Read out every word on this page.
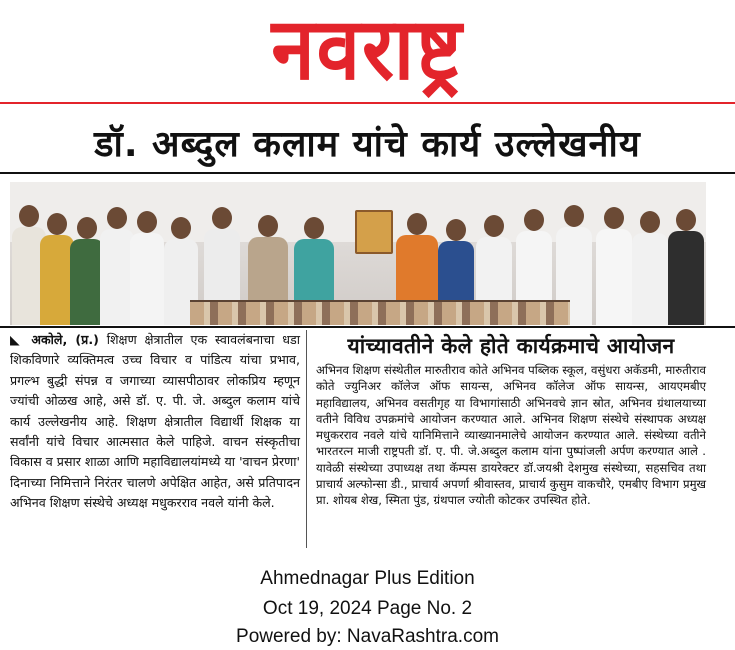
नवराष्ट्र
डॉ. अब्दुल कलाम यांचे कार्य उल्लेखनीय
◣ अकोले, (प्र.) शिक्षण क्षेत्रातील एक स्वावलंबनाचा धडा शिकविणारे व्यक्तिमत्व उच्च विचार व पांडित्य यांचा प्रभाव, प्रगल्भ बुद्धी संपन्न व जगाच्या व्यासपीठावर लोकप्रिय म्हणून ज्यांची ओळख आहे, असे डॉ. ए. पी. जे. अब्दुल कलाम यांचे कार्य उल्लेखनीय आहे. शिक्षण क्षेत्रातील विद्यार्थी शिक्षक या सर्वांनी यांचे विचार आत्मसात केले पाहिजे. वाचन संस्कृतीचा विकास व प्रसार शाळा आणि महाविद्यालयांमध्ये या 'वाचन प्रेरणा' दिनाच्या निमित्ताने निरंतर चालणे अपेक्षित आहेत, असे प्रतिपादन अभिनव शिक्षण संस्थेचे अध्यक्ष मधुकरराव नवले यांनी केले.
यांच्यावतीने केले होते कार्यक्रमाचे आयोजन
अभिनव शिक्षण संस्थेतील मारुतीराव कोते अभिनव पब्लिक स्कूल, वसुंधरा अकॅडमी, मारुतीराव कोते ज्युनिअर कॉलेज ऑफ सायन्स, अभिनव कॉलेज ऑफ सायन्स, आयएमबीए महाविद्यालय, अभिनव वसतीगृह या विभागांसाठी अभिनवचे ज्ञान स्रोत, अभिनव ग्रंथालयाच्या वतीने विविध उपक्रमांचे आयोजन करण्यात आले. अभिनव शिक्षण संस्थेचे संस्थापक अध्यक्ष मधुकरराव नवले यांचे यानिमित्ताने व्याख्यानमालेचे आयोजन करण्यात आले. संस्थेच्या वतीने भारतरत्न माजी राष्ट्रपती डॉ. ए. पी. जे.अब्दुल कलाम यांना पुष्पांजली अर्पण करण्यात आले . यावेळी संस्थेच्या उपाध्यक्ष तथा कॅम्पस डायरेक्टर डॉ.जयश्री देशमुख संस्थेच्या, सहसचिव तथा प्राचार्य अल्फोन्सा डी., प्राचार्य अपर्णा श्रीवास्तव, प्राचार्य कुसुम वाकचौरे, एमबीए विभाग प्रमुख प्रा. शोयब शेख, स्मिता पुंड, ग्रंथपाल ज्योती कोटकर उपस्थित होते.
Ahmednagar Plus Edition
Oct 19, 2024 Page No. 2
Powered by: NavaRashtra.com
